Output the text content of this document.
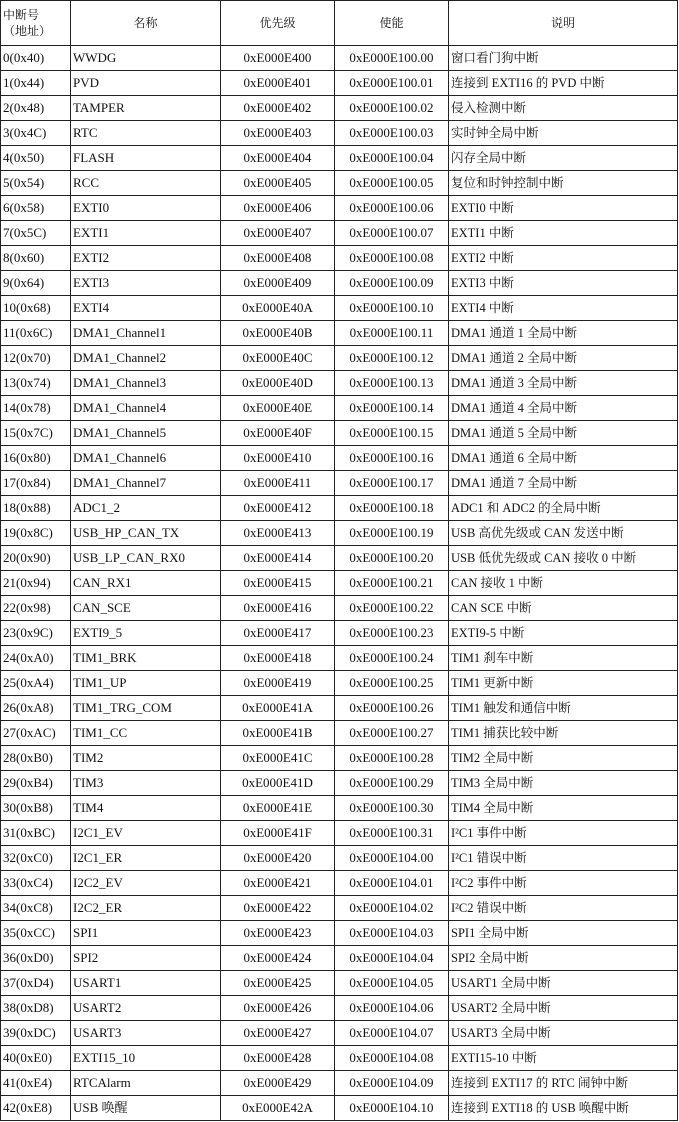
中断号
（地址）	名称	优先级	使能	说明
0(0x40)	WWDG	0xE000E400	0xE000E100.00	窗口看门狗中断
1(0x44)	PVD	0xE000E401	0xE000E100.01	连接到 EXTI16 的 PVD 中断
2(0x48)	TAMPER	0xE000E402	0xE000E100.02	侵入检测中断
3(0x4C)	RTC	0xE000E403	0xE000E100.03	实时钟全局中断
4(0x50)	FLASH	0xE000E404	0xE000E100.04	闪存全局中断
5(0x54)	RCC	0xE000E405	0xE000E100.05	复位和时钟控制中断
6(0x58)	EXTI0	0xE000E406	0xE000E100.06	EXTI0 中断
7(0x5C)	EXTI1	0xE000E407	0xE000E100.07	EXTI1 中断
8(0x60)	EXTI2	0xE000E408	0xE000E100.08	EXTI2 中断
9(0x64)	EXTI3	0xE000E409	0xE000E100.09	EXTI3 中断
10(0x68)	EXTI4	0xE000E40A	0xE000E100.10	EXTI4 中断
11(0x6C)	DMA1_Channel1	0xE000E40B	0xE000E100.11	DMA1 通道 1 全局中断
12(0x70)	DMA1_Channel2	0xE000E40C	0xE000E100.12	DMA1 通道 2 全局中断
13(0x74)	DMA1_Channel3	0xE000E40D	0xE000E100.13	DMA1 通道 3 全局中断
14(0x78)	DMA1_Channel4	0xE000E40E	0xE000E100.14	DMA1 通道 4 全局中断
15(0x7C)	DMA1_Channel5	0xE000E40F	0xE000E100.15	DMA1 通道 5 全局中断
16(0x80)	DMA1_Channel6	0xE000E410	0xE000E100.16	DMA1 通道 6 全局中断
17(0x84)	DMA1_Channel7	0xE000E411	0xE000E100.17	DMA1 通道 7 全局中断
18(0x88)	ADC1_2	0xE000E412	0xE000E100.18	ADC1 和 ADC2 的全局中断
19(0x8C)	USB_HP_CAN_TX	0xE000E413	0xE000E100.19	USB 高优先级或 CAN 发送中断
20(0x90)	USB_LP_CAN_RX0	0xE000E414	0xE000E100.20	USB 低优先级或 CAN 接收 0 中断
21(0x94)	CAN_RX1	0xE000E415	0xE000E100.21	CAN 接收 1 中断
22(0x98)	CAN_SCE	0xE000E416	0xE000E100.22	CAN SCE 中断
23(0x9C)	EXTI9_5	0xE000E417	0xE000E100.23	EXTI9-5 中断
24(0xA0)	TIM1_BRK	0xE000E418	0xE000E100.24	TIM1 刹车中断
25(0xA4)	TIM1_UP	0xE000E419	0xE000E100.25	TIM1 更新中断
26(0xA8)	TIM1_TRG_COM	0xE000E41A	0xE000E100.26	TIM1 触发和通信中断
27(0xAC)	TIM1_CC	0xE000E41B	0xE000E100.27	TIM1 捕获比较中断
28(0xB0)	TIM2	0xE000E41C	0xE000E100.28	TIM2 全局中断
29(0xB4)	TIM3	0xE000E41D	0xE000E100.29	TIM3 全局中断
30(0xB8)	TIM4	0xE000E41E	0xE000E100.30	TIM4 全局中断
31(0xBC)	I2C1_EV	0xE000E41F	0xE000E100.31	I²C1 事件中断
32(0xC0)	I2C1_ER	0xE000E420	0xE000E104.00	I²C1 错误中断
33(0xC4)	I2C2_EV	0xE000E421	0xE000E104.01	I²C2 事件中断
34(0xC8)	I2C2_ER	0xE000E422	0xE000E104.02	I²C2 错误中断
35(0xCC)	SPI1	0xE000E423	0xE000E104.03	SPI1 全局中断
36(0xD0)	SPI2	0xE000E424	0xE000E104.04	SPI2 全局中断
37(0xD4)	USART1	0xE000E425	0xE000E104.05	USART1 全局中断
38(0xD8)	USART2	0xE000E426	0xE000E104.06	USART2 全局中断
39(0xDC)	USART3	0xE000E427	0xE000E104.07	USART3 全局中断
40(0xE0)	EXTI15_10	0xE000E428	0xE000E104.08	EXTI15-10 中断
41(0xE4)	RTCAlarm	0xE000E429	0xE000E104.09	连接到 EXTI17 的 RTC 闹钟中断
42(0xE8)	USB 唤醒	0xE000E42A	0xE000E104.10	连接到 EXTI18 的 USB 唤醒中断
